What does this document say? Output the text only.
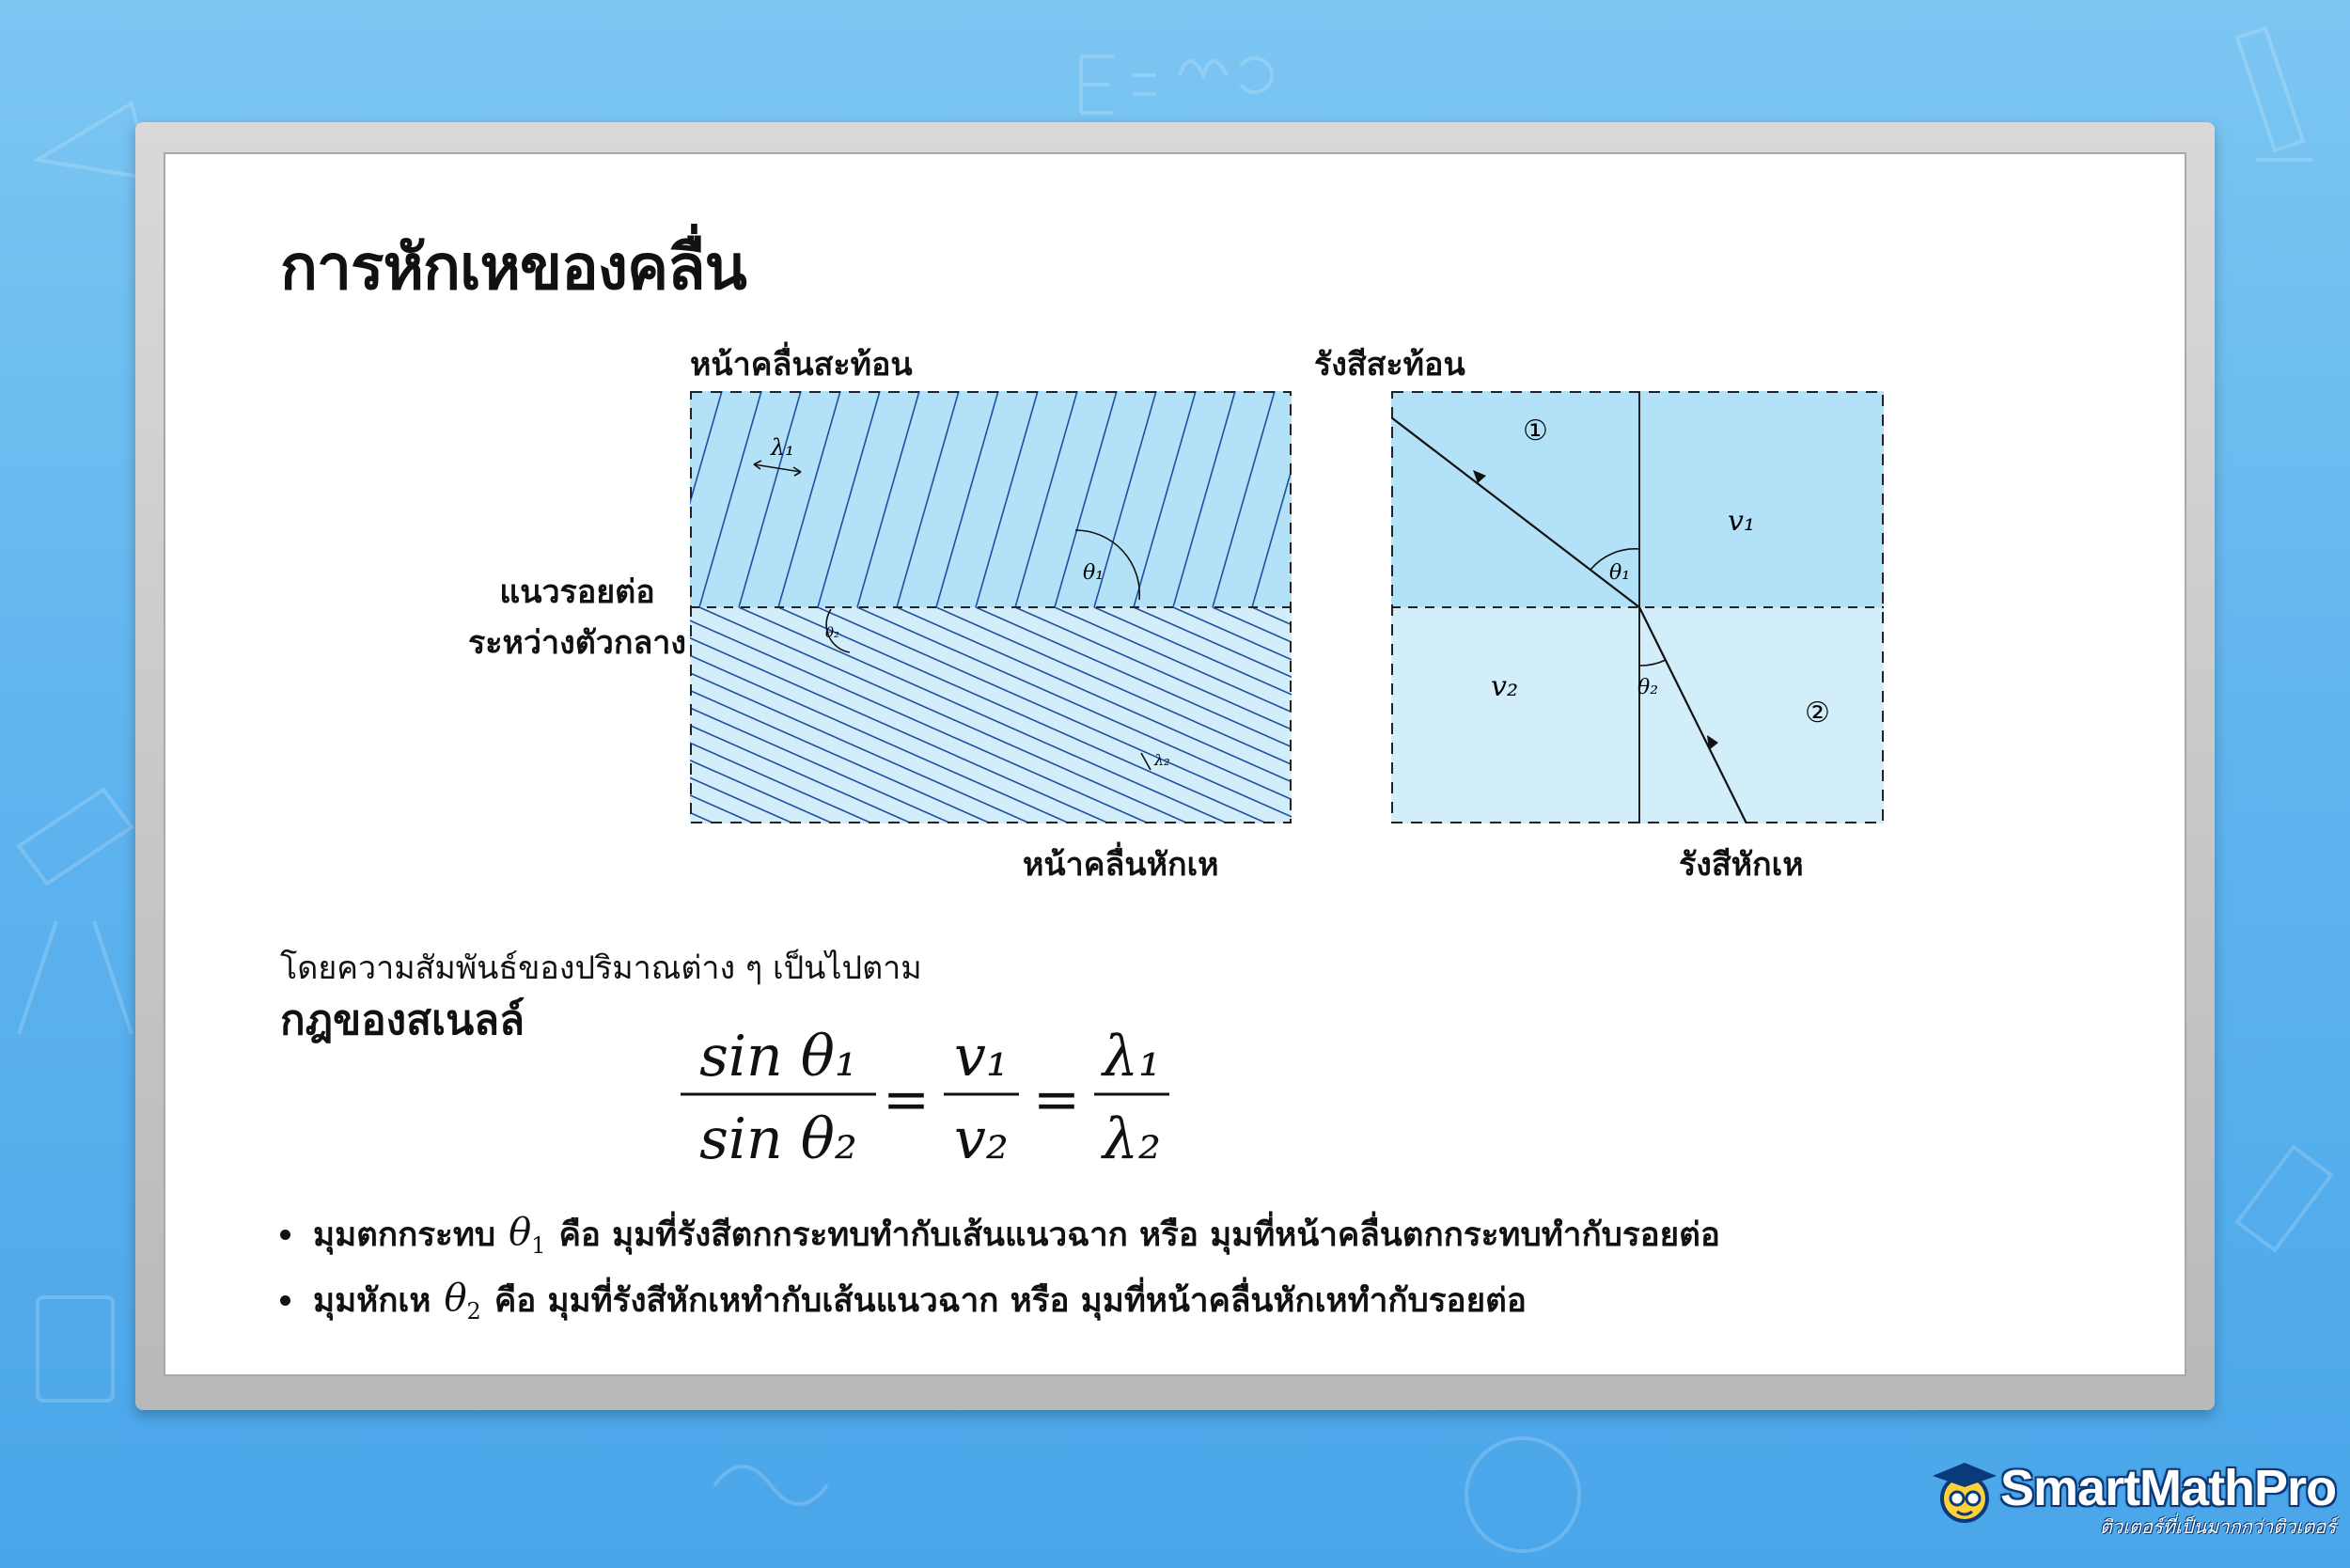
การหักเหของคลื่น
หน้าคลื่นสะท้อน
แนวรอยต่อ
ระหว่างตัวกลาง
หน้าคลื่นหักเห
λ₁
θ₁
θ₂
λ₂
รังสีสะท้อน
รังสีหักเห
θ₁
θ₂
①
②
v₁
v₂
โดยความสัมพันธ์ของปริมาณต่าง ๆ เป็นไปตาม
กฎของสเนลล์
sin θ₁
sin θ₂
=
v₁
v₂
=
λ₁
λ₂
มุมตกกระทบ $\theta_1$ คือ มุมที่รังสีตกกระทบทำกับเส้นแนวฉาก หรือ มุมที่หน้าคลื่นตกกระทบทำกับรอยต่อ
มุมหักเห $\theta_2$ คือ มุมที่รังสีหักเหทำกับเส้นแนวฉาก หรือ มุมที่หน้าคลื่นหักเหทำกับรอยต่อ
SmartMathPro
ติวเตอร์ที่เป็นมากกว่าติวเตอร์
